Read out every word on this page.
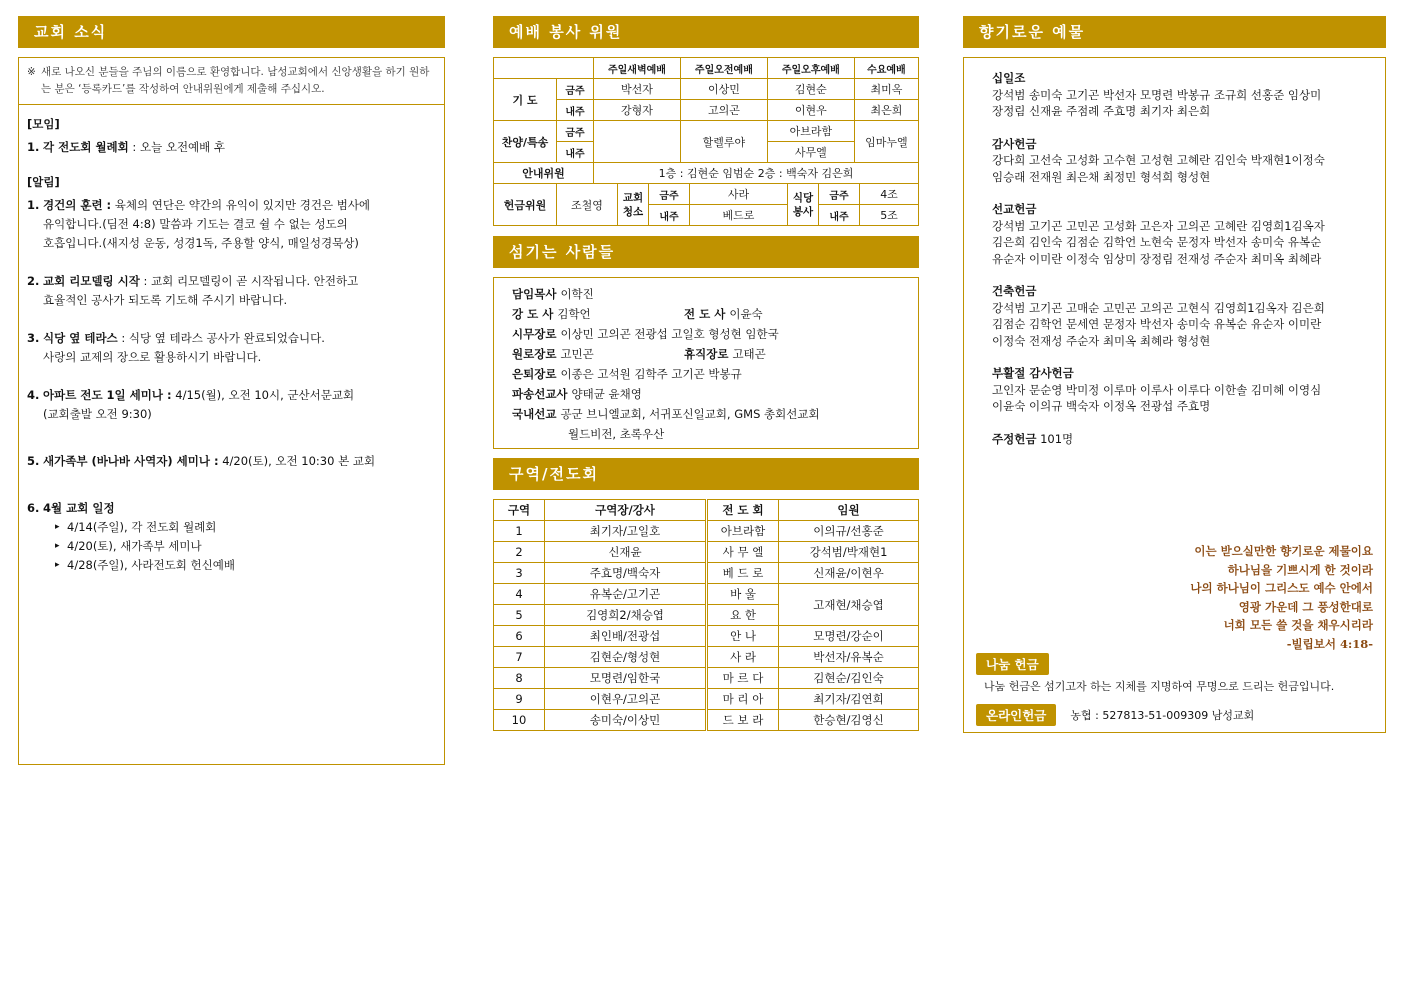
교회 소식
※ 새로 나오신 분들을 주님의 이름으로 환영합니다. 남성교회에서 신앙생활을 하기 원하는 분은 ‘등록카드’를 작성하여 안내위원에게 제출해 주십시오.
[모임]
1. 각 전도회 월례회 : 오늘 오전예배 후
[알림]
1. 경건의 훈련 : 육체의 연단은 약간의 유익이 있지만 경건은 범사에
유익합니다.(딤전 4:8) 말씀과 기도는 결코 쉴 수 없는 성도의
호흡입니다.(새지성 운동, 성경1독, 주용할 양식, 매일성경묵상)
2. 교회 리모델링 시작 : 교회 리모델링이 곧 시작됩니다. 안전하고
효율적인 공사가 되도록 기도해 주시기 바랍니다.
3. 식당 옆 테라스 : 식당 옆 테라스 공사가 완료되었습니다.
사랑의 교제의 장으로 활용하시기 바랍니다.
4. 아파트 전도 1일 세미나 : 4/15(월), 오전 10시, 군산서문교회
(교회출발 오전 9:30)
5. 새가족부 (바나바 사역자) 세미나 : 4/20(토), 오전 10:30 본 교회
6. 4월 교회 일정
▸ 4/14(주일), 각 전도회 월례회
▸ 4/20(토), 새가족부 세미나
▸ 4/28(주일), 사라전도회 헌신예배
예배 봉사 위원
		주일새벽예배	주일오전예배	주일오후예배	수요예배
기 도	금주	박선자	이상민	김현순	최미옥
	내주	강형자	고의곤	이현우	최은희
찬양/특송	금주		할렐루야	아브라함	임마누엘
	내주			사무엘	
안내위원		1층 : 김현순 임범순 2층 : 백숙자 김은희			
헌금위원	조철영	교회청소	금주	사라	식당봉사	금주	4조
			내주	베드로		내주	5조
섬기는 사람들
담임목사 이학진
강 도 사 김학언	전 도 사 이윤숙
시무장로 이상민 고의곤 전광섭 고일호 형성현 임한국
원로장로 고민곤	휴직장로 고태곤
은퇴장로 이종은 고석원 김학주 고기곤 박봉규
파송선교사 양태균 윤채영
국내선교 공군 브니엘교회, 서귀포신일교회, GMS 총회선교회
월드비전, 초록우산
구역/전도회
구역	구역장/강사	전 도 회	임원
1	최기자/고일호	아브라함	이의규/선홍준
2	신재윤	사 무 엘	강석범/박재현1
3	주효명/백숙자	베 드 로	신재윤/이현우
4	유복순/고기곤	바 울	고재현/채승엽
5	김영희2/채승엽	요 한	
6	최인배/전광섭	안 나	모명련/강순이
7	김현순/형성현	사 라	박선자/유복순
8	모명련/임한국	마 르 다	김현순/김인숙
9	이현우/고의곤	마 리 아	최기자/김연희
10	송미숙/이상민	드 보 라	한승현/김영신
향기로운 예물
십일조
강석범 송미숙 고기곤 박선자 모명련 박봉규 조규희 선홍준 임상미
장정림 신재윤 주점례 주효명 최기자 최은희
감사헌금
강다희 고선숙 고성화 고수현 고성현 고혜란 김인숙 박재현1이정숙
임승래 전재원 최은채 최정민 형석희 형성현
선교헌금
강석범 고기곤 고민곤 고성화 고은자 고의곤 고혜란 김영희1김옥자
김은희 김인숙 김점순 김학언 노현숙 문정자 박선자 송미숙 유복순
유순자 이미란 이정숙 임상미 장정림 전재성 주순자 최미옥 최혜라
건축헌금
강석범 고기곤 고매순 고민곤 고의곤 고현식 김영희1김옥자 김은희
김점순 김학언 문세연 문정자 박선자 송미숙 유복순 유순자 이미란
이정숙 전재성 주순자 최미옥 최혜라 형성현
부활절 감사헌금
고인자 문순영 박미정 이루마 이루사 이루다 이한솔 김미혜 이영심
이윤숙 이의규 백숙자 이정옥 전광섭 주효명
주정헌금 101명
이는 받으실만한 향기로운 제물이요
하나님을 기쁘시게 한 것이라
나의 하나님이 그리스도 예수 안에서
영광 가운데 그 풍성한대로
너희 모든 쓸 것을 채우시리라
-빌립보서 4:18-
나눔 헌금
나눔 헌금은 섬기고자 하는 지체를 지명하여 무명으로 드리는 헌금입니다.
온라인헌금	농협 : 527813-51-009309 남성교회
